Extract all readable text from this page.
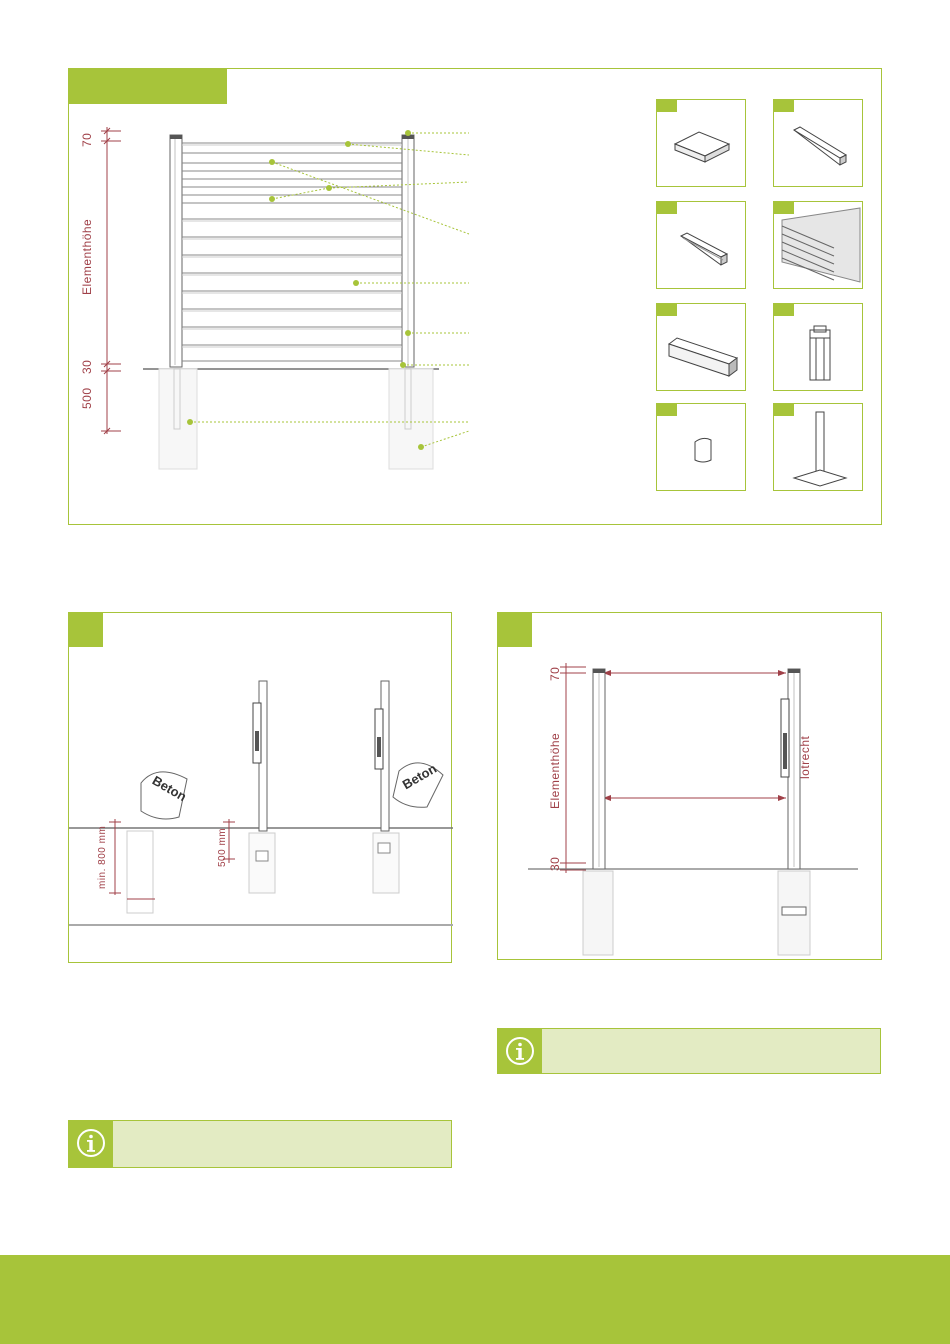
70
Elementhöhe
30
500
Beton	Beton
min. 800 mm	500 mm
70
Elementhöhe
30
lotrecht
